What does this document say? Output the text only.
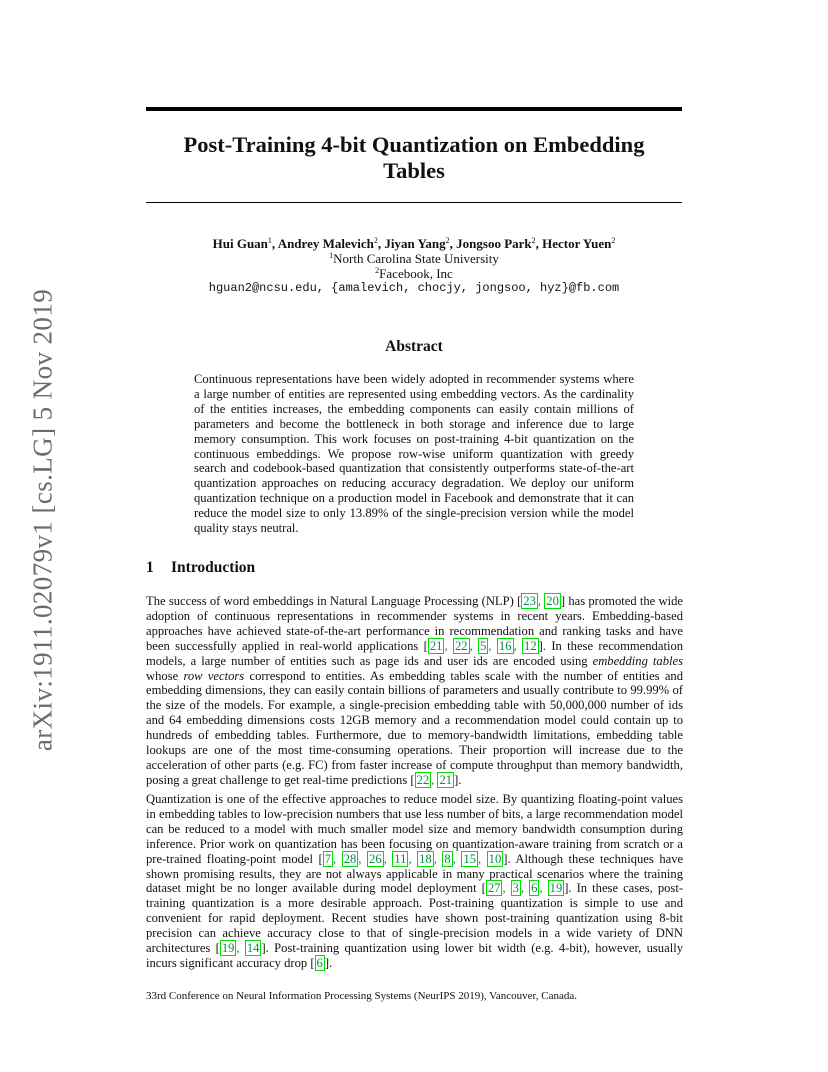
arXiv:1911.02079v1 [cs.LG] 5 Nov 2019
Post-Training 4-bit Quantization on Embedding
Tables
Hui Guan$^1$, Andrey Malevich$^2$, Jiyan Yang$^2$, Jongsoo Park$^2$, Hector Yuen$^2$
$^1$North Carolina State University
$^2$Facebook, Inc
hguan2@ncsu.edu, {amalevich, chocjy, jongsoo, hyz}@fb.com
Abstract
Continuous representations have been widely adopted in recommender systems where a large number of entities are represented using embedding vectors. As the cardinality of the entities increases, the embedding components can easily contain millions of parameters and become the bottleneck in both storage and inference due to large memory consumption. This work focuses on post-training 4-bit quantization on the continuous embeddings. We propose row-wise uniform quantization with greedy search and codebook-based quantization that consistently outperforms state-of-the-art quantization approaches on reducing accuracy degradation. We deploy our uniform quantization technique on a production model in Facebook and demonstrate that it can reduce the model size to only 13.89% of the single-precision version while the model quality stays neutral.
1 Introduction
The success of word embeddings in Natural Language Processing (NLP) [ 23 , 20 ] has promoted the wide adoption of continuous representations in recommender systems in recent years. Embedding-based approaches have achieved state-of-the-art performance in recommendation and ranking tasks and have been successfully applied in real-world applications [ 21 , 22 , 5 , 16 , 12 ]. In these recommendation models, a large number of entities such as page ids and user ids are encoded using embedding tables whose row vectors correspond to entities. As embedding tables scale with the number of entities and embedding dimensions, they can easily contain billions of parameters and usually contribute to 99.99% of the size of the models. For example, a single-precision embedding table with 50,000,000 number of ids and 64 embedding dimensions costs 12GB memory and a recommendation model could contain up to hundreds of embedding tables. Furthermore, due to memory-bandwidth limitations, embedding table lookups are one of the most time-consuming operations. Their proportion will increase due to the acceleration of other parts (e.g. FC) from faster increase of compute throughput than memory bandwidth, posing a great challenge to get real-time predictions [ 22 , 21 ].
Quantization is one of the effective approaches to reduce model size. By quantizing floating-point values in embedding tables to low-precision numbers that use less number of bits, a large recommendation model can be reduced to a model with much smaller model size and memory bandwidth consumption during inference. Prior work on quantization has been focusing on quantization-aware training from scratch or a pre-trained floating-point model [ 7 , 28 , 26 , 11 , 18 , 8 , 15 , 10 ]. Although these techniques have shown promising results, they are not always applicable in many practical scenarios where the training dataset might be no longer available during model deployment [ 27 , 3 , 6 , 19 ]. In these cases, post-training quantization is a more desirable approach. Post-training quantization is simple to use and convenient for rapid deployment. Recent studies have shown post-training quantization using 8-bit precision can achieve accuracy close to that of single-precision models in a wide variety of DNN architectures [ 19 , 14 ]. Post-training quantization using lower bit width (e.g. 4-bit), however, usually incurs significant accuracy drop [ 6 ].
33rd Conference on Neural Information Processing Systems (NeurIPS 2019), Vancouver, Canada.
